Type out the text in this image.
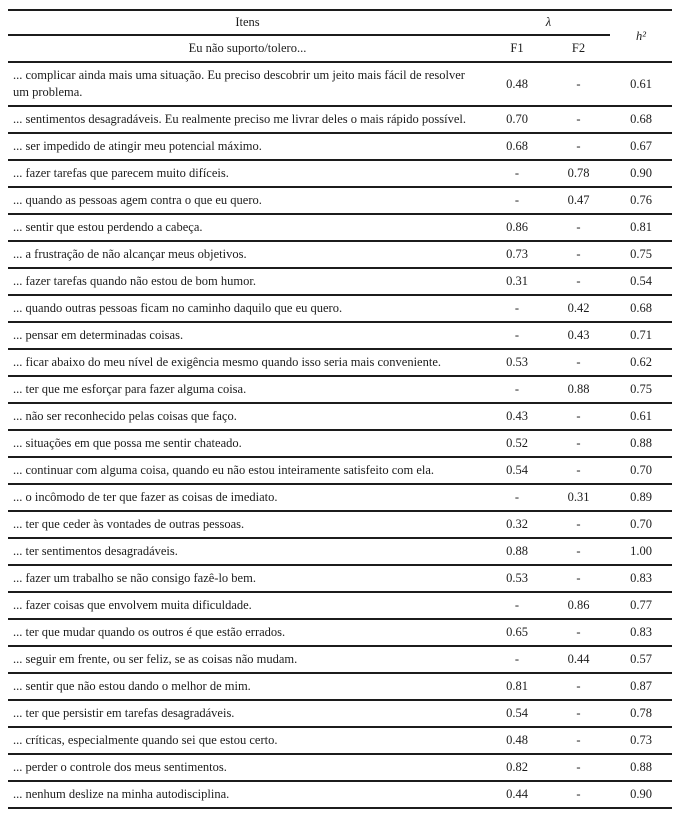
Itens	λ		h²
Eu não suporto/tolero...	F1	F2	
... complicar ainda mais uma situação. Eu preciso descobrir um jeito mais fácil de resolver um problema.	0.48	-	0.61
... sentimentos desagradáveis. Eu realmente preciso me livrar deles o mais rápido possível.	0.70	-	0.68
... ser impedido de atingir meu potencial máximo.	0.68	-	0.67
... fazer tarefas que parecem muito difíceis.	-	0.78	0.90
... quando as pessoas agem contra o que eu quero.	-	0.47	0.76
... sentir que estou perdendo a cabeça.	0.86	-	0.81
... a frustração de não alcançar meus objetivos.	0.73	-	0.75
... fazer tarefas quando não estou de bom humor.	0.31	-	0.54
... quando outras pessoas ficam no caminho daquilo que eu quero.	-	0.42	0.68
... pensar em determinadas coisas.	-	0.43	0.71
... ficar abaixo do meu nível de exigência mesmo quando isso seria mais conveniente.	0.53	-	0.62
... ter que me esforçar para fazer alguma coisa.	-	0.88	0.75
... não ser reconhecido pelas coisas que faço.	0.43	-	0.61
... situações em que possa me sentir chateado.	0.52	-	0.88
... continuar com alguma coisa, quando eu não estou inteiramente satisfeito com ela.	0.54	-	0.70
... o incômodo de ter que fazer as coisas de imediato.	-	0.31	0.89
... ter que ceder às vontades de outras pessoas.	0.32	-	0.70
... ter sentimentos desagradáveis.	0.88	-	1.00
... fazer um trabalho se não consigo fazê-lo bem.	0.53	-	0.83
... fazer coisas que envolvem muita dificuldade.	-	0.86	0.77
... ter que mudar quando os outros é que estão errados.	0.65	-	0.83
... seguir em frente, ou ser feliz, se as coisas não mudam.	-	0.44	0.57
... sentir que não estou dando o melhor de mim.	0.81	-	0.87
... ter que persistir em tarefas desagradáveis.	0.54	-	0.78
... críticas, especialmente quando sei que estou certo.	0.48	-	0.73
... perder o controle dos meus sentimentos.	0.82	-	0.88
... nenhum deslize na minha autodisciplina.	0.44	-	0.90
